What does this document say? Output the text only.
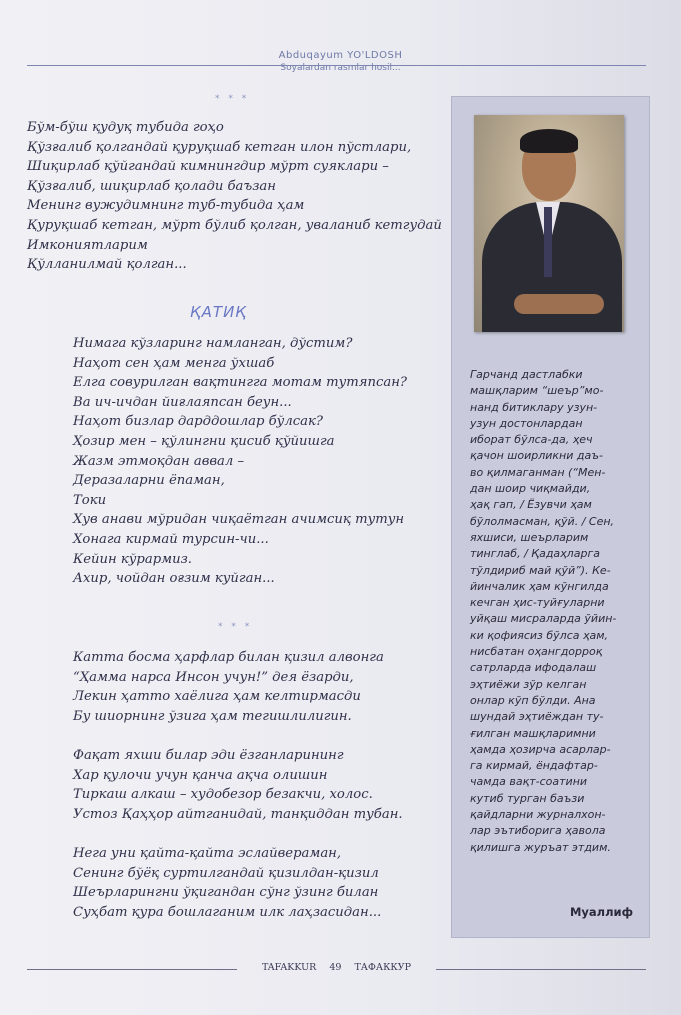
Abduqayum YO'LDOSH
Soyalardan rasmlar hosil...
* * *
Бўм-бўш қудуқ тубида гоҳо
Қўзғалиб қолгандай қуруқшаб кетган илон пўстлари,
Шиқирлаб қўйгандай кимнингдир мўрт суяклари –
Қўзғалиб, шиқирлаб қолади баъзан
Менинг вужудимнинг туб-тубида ҳам
Қуруқшаб кетган, мўрт бўлиб қолган, уваланиб кетгудай
Имкониятларим
Қўлланилмай қолган...
ҚАТИҚ
Нимага кўзларинг намланган, дўстим?
Наҳот сен ҳам менга ўхшаб
Елга совурилган вақтингга мотам тутяпсан?
Ва ич-ичдан йиғлаяпсан беун...
Наҳот бизлар дарддошлар бўлсак?
Ҳозир мен – қўлингни қисиб қўйишга
Жазм этмоқдан аввал –
Деразаларни ёпаман,
Токи
Хув анави мўридан чиқаётган ачимсиқ тутун
Хонага кирмай турсин-чи...
Кейин кўрармиз.
Ахир, чойдан оғзим куйган...
* * *
Катта босма ҳарфлар билан қизил алвонга
“Ҳамма нарса Инсон учун!” дея ёзарди,
Лекин ҳатто хаёлига ҳам келтирмасди
Бу шиорнинг ўзига ҳам тегишлилигин.
Фақат яхши билар эди ёзганларининг
Хар қулочи учун қанча ақча олишин
Тиркаш алкаш – худобезор безакчи, холос.
Устоз Қаҳҳор айтганидай, танқиддан тубан.
Нега уни қайта-қайта эслайвераман,
Сенинг бўёқ суртилгандай қизилдан-қизил
Шеърларингни ўқигандан сўнг ўзинг билан
Суҳбат қура бошлаганим илк лаҳзасидан...
Гарчанд дастлабки
машқларим “шеър”мо-
нанд битикларy узун-
узун достонлардан
иборат бўлса-да, ҳеч
қачон шоирликни даъ-
во қилмаганман (“Мен-
дан шоир чиқмайди,
ҳақ гап, / Ёзувчи ҳам
бўлолмасман, қўй. / Сен,
яхшиси, шеърларим
тинглаб, / Қадаҳларга
тўлдириб май қўй”). Ке-
йинчалик ҳам кўнгилда
кечган ҳис-туйғуларни
уйқаш мисраларда ўйин-
ки қофиясиз бўлса ҳам,
нисбатан оҳангдорроқ
сатрларда ифодалаш
эҳтиёжи зўр келган
онлар кўп бўлди. Ана
шундай эҳтиёждан ту-
ғилган машқларимни
ҳамда ҳозирча асарлар-
га кирмай, ёндафтар-
чамда вақт-соатини
кутиб турган баъзи
қайдларни журналхон-
лар эътиборига ҳавола
қилишга журъат этдим.
Муаллиф
TAFAKKUR 49 ТАФАККУР
